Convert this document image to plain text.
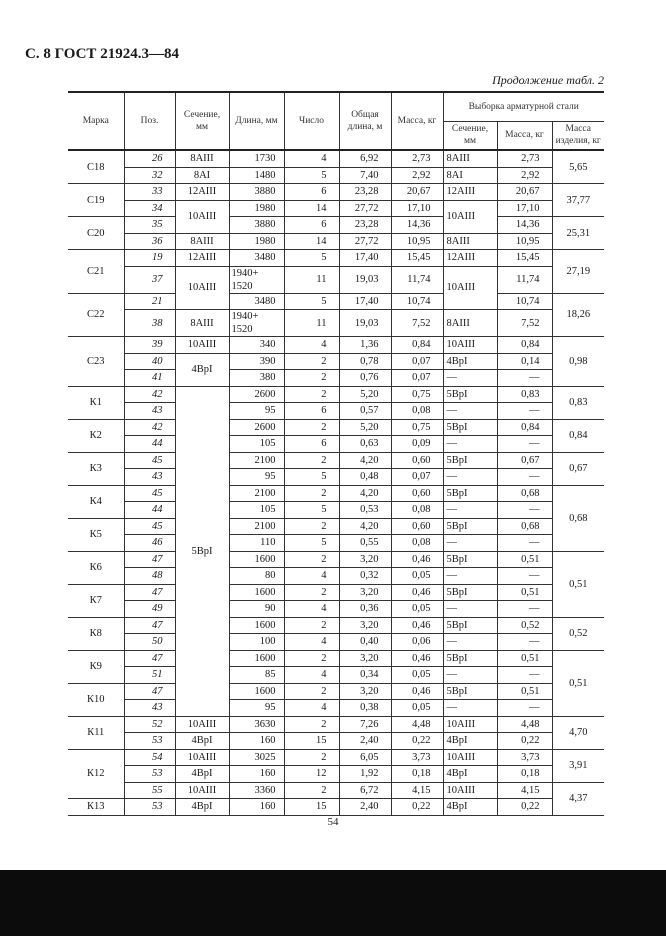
С. 8 ГОСТ 21924.3—84
Продолжение табл. 2
Марка	Поз.	Сечение, мм	Длина, мм	Число	Общая длина, м	Масса, кг	Выборка арматурной стали		
							Сечение, мм	Масса, кг	Масса изделия, кг
С18	26	8АIII	1730	4	6,92	2,73	8АIII	2,73	5,65
	32	8АI	1480	5	7,40	2,92	8АI	2,92	
С19	33	12АIII	3880	6	23,28	20,67	12АIII	20,67	37,77
	34	10АIII	1980	14	27,72	17,10	10АIII	17,10	
С20	35		3880	6	23,28	14,36		14,36	25,31
	36	8АIII	1980	14	27,72	10,95	8АIII	10,95	
С21	19	12АIII	3480	5	17,40	15,45	12АIII	15,45	27,19
	37	10АIII	1940+ 1520	11	19,03	11,74	10АIII	11,74	
С22	21		3480	5	17,40	10,74		10,74	18,26
	38	8АIII	1940+ 1520	11	19,03	7,52	8АIII	7,52	
С23	39	10АIII	340	4	1,36	0,84	10АIII	0,84	0,98
	40	4ВрI	390	2	0,78	0,07	4ВрI	0,14	
	41		380	2	0,76	0,07	—	—	
К1	42	5ВрI	2600	2	5,20	0,75	5ВрI	0,83	0,83
	43		95	6	0,57	0,08	—	—	
К2	42		2600	2	5,20	0,75	5ВрI	0,84	0,84
	44		105	6	0,63	0,09	—	—	
К3	45		2100	2	4,20	0,60	5ВрI	0,67	0,67
	43		95	5	0,48	0,07	—	—	
К4	45		2100	2	4,20	0,60	5ВрI	0,68	0,68
	44		105	5	0,53	0,08	—	—	
К5	45		2100	2	4,20	0,60	5ВрI	0,68	
	46		110	5	0,55	0,08	—	—	
К6	47		1600	2	3,20	0,46	5ВрI	0,51	0,51
	48		80	4	0,32	0,05	—	—	
К7	47		1600	2	3,20	0,46	5ВрI	0,51	
	49		90	4	0,36	0,05	—	—	
К8	47		1600	2	3,20	0,46	5ВрI	0,52	0,52
	50		100	4	0,40	0,06	—	—	
К9	47		1600	2	3,20	0,46	5ВрI	0,51	0,51
	51		85	4	0,34	0,05	—	—	
К10	47		1600	2	3,20	0,46	5ВрI	0,51	
	43		95	4	0,38	0,05	—	—	
К11	52	10АIII	3630	2	7,26	4,48	10АIII	4,48	4,70
	53	4ВрI	160	15	2,40	0,22	4ВрI	0,22	
К12	54	10АIII	3025	2	6,05	3,73	10АIII	3,73	3,91
	53	4ВрI	160	12	1,92	0,18	4ВрI	0,18	
	55	10АIII	3360	2	6,72	4,15	10АIII	4,15	4,37
К13	53	4ВрI	160	15	2,40	0,22	4ВрI	0,22	
54
